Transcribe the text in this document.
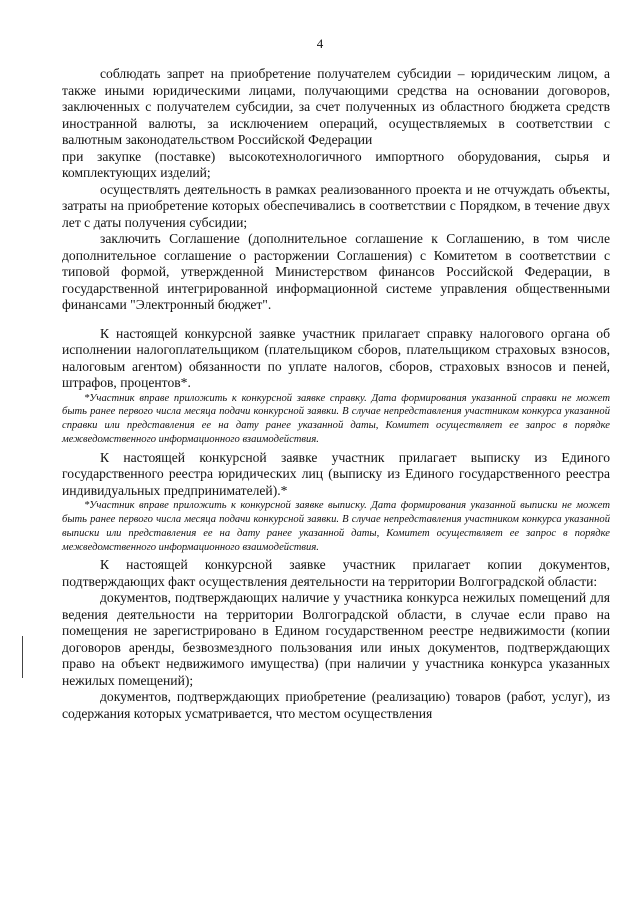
4

соблюдать запрет на приобретение получателем субсидии – юридическим лицом, а также иными юридическими лицами, получающими средства на основании договоров, заключенных с получателем субсидии, за счет полученных из областного бюджета средств иностранной валюты, за исключением операций, осуществляемых в соответствии с валютным законодательством Российской Федерации

при закупке (поставке) высокотехнологичного импортного оборудования, сырья и комплектующих изделий;

осуществлять деятельность в рамках реализованного проекта и не отчуждать объекты, затраты на приобретение которых обеспечивались в соответствии с Порядком, в течение двух лет с даты получения субсидии;

заключить Соглашение (дополнительное соглашение к Соглашению, в том числе дополнительное соглашение о расторжении Соглашения) с Комитетом в соответствии с типовой формой, утвержденной Министерством финансов Российской Федерации, в государственной интегрированной информационной системе управления общественными финансами "Электронный бюджет".

К настоящей конкурсной заявке участник прилагает справку налогового органа об исполнении налогоплательщиком (плательщиком сборов, плательщиком страховых взносов, налоговым агентом) обязанности по уплате налогов, сборов, страховых взносов и пеней, штрафов, процентов*.

*Участник вправе приложить к конкурсной заявке справку. Дата формирования указанной справки не может быть ранее первого числа месяца подачи конкурсной заявки. В случае непредставления участником конкурса указанной справки или представления ее на дату ранее указанной даты, Комитет осуществляет ее запрос в порядке межведомственного информационного взаимодействия.

К настоящей конкурсной заявке участник прилагает выписку из Единого государственного реестра юридических лиц (выписку из Единого государственного реестра индивидуальных предпринимателей).*

*Участник вправе приложить к конкурсной заявке выписку. Дата формирования указанной выписки не может быть ранее первого числа месяца подачи конкурсной заявки. В случае непредставления участником конкурса указанной выписки или представления ее на дату ранее указанной даты, Комитет осуществляет ее запрос в порядке межведомственного информационного взаимодействия.

К настоящей конкурсной заявке участник прилагает копии документов, подтверждающих факт осуществления деятельности на территории Волгоградской области:

документов, подтверждающих наличие у участника конкурса нежилых помещений для ведения деятельности на территории Волгоградской области, в случае если право на помещения не зарегистрировано в Едином государственном реестре недвижимости (копии договоров аренды, безвозмездного пользования или иных документов, подтверждающих право на объект недвижимого имущества) (при наличии у участника конкурса указанных нежилых помещений);

документов, подтверждающих приобретение (реализацию) товаров (работ, услуг), из содержания которых усматривается, что местом осуществления
